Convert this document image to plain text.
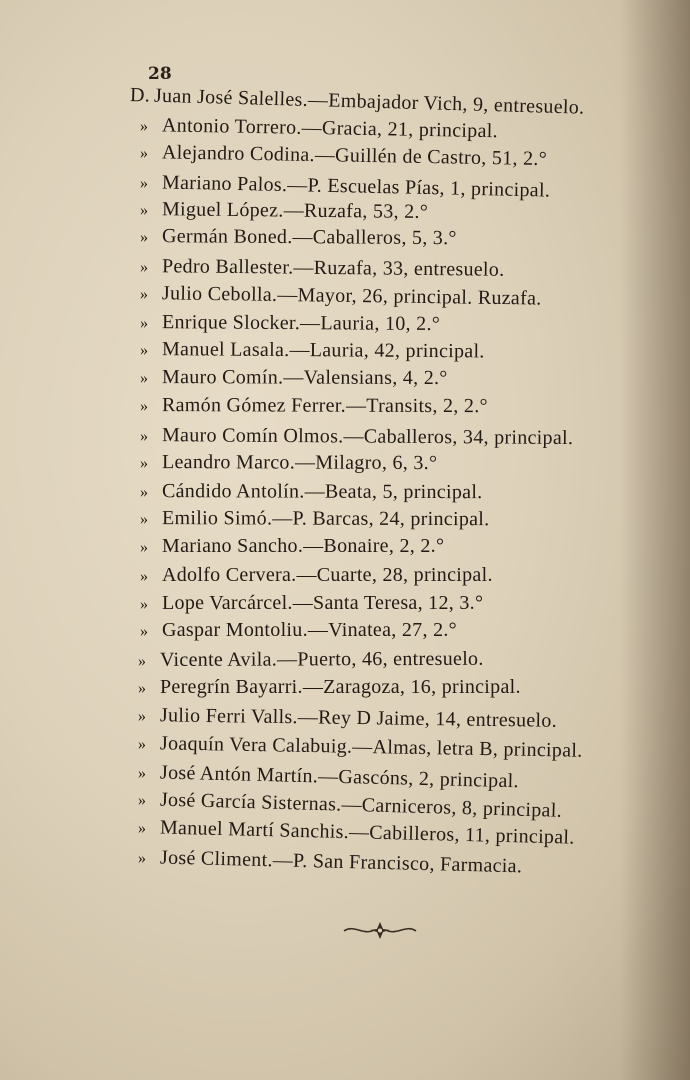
28
D. Juan José Salelles.—Embajador Vich, 9, entresuelo.
» Antonio Torrero.—Gracia, 21, principal.
» Alejandro Codina.—Guillén de Castro, 51, 2.°
» Mariano Palos.—P. Escuelas Pías, 1, principal.
» Miguel López.—Ruzafa, 53, 2.°
» Germán Boned.—Caballeros, 5, 3.°
» Pedro Ballester.—Ruzafa, 33, entresuelo.
» Julio Cebolla.—Mayor, 26, principal. Ruzafa.
» Enrique Slocker.—Lauria, 10, 2.°
» Manuel Lasala.—Lauria, 42, principal.
» Mauro Comín.—Valensians, 4, 2.°
» Ramón Gómez Ferrer.—Transits, 2, 2.°
» Mauro Comín Olmos.—Caballeros, 34, principal.
» Leandro Marco.—Milagro, 6, 3.°
» Cándido Antolín.—Beata, 5, principal.
» Emilio Simó.—P. Barcas, 24, principal.
» Mariano Sancho.—Bonaire, 2, 2.°
» Adolfo Cervera.—Cuarte, 28, principal.
» Lope Varcárcel.—Santa Teresa, 12, 3.°
» Gaspar Montoliu.—Vinatea, 27, 2.°
» Vicente Avila.—Puerto, 46, entresuelo.
» Peregrín Bayarri.—Zaragoza, 16, principal.
» Julio Ferri Valls.—Rey D Jaime, 14, entresuelo.
» Joaquín Vera Calabuig.—Almas, letra B, principal.
» José Antón Martín.—Gascóns, 2, principal.
» José García Sisternas.—Carniceros, 8, principal.
» Manuel Martí Sanchis.—Cabilleros, 11, principal.
» José Climent.—P. San Francisco, Farmacia.
